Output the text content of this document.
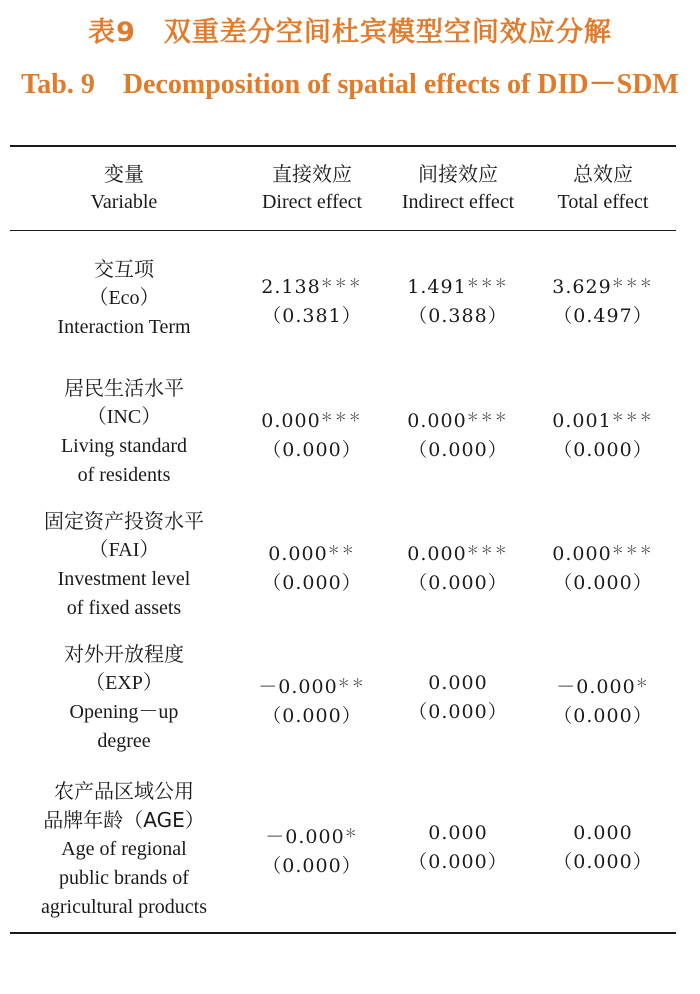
表9　双重差分空间杜宾模型空间效应分解
Tab. 9　Decomposition of spatial effects of DID－SDM
变量
Variable
直接效应
Direct effect
间接效应
Indirect effect
总效应
Total effect
交互项
（Eco）
Interaction Term
2.138＊＊＊
（0.381）
1.491＊＊＊
（0.388）
3.629＊＊＊
（0.497）
居民生活水平
（INC）
Living standard
of residents
0.000＊＊＊
（0.000）
0.000＊＊＊
（0.000）
0.001＊＊＊
（0.000）
固定资产投资水平
（FAI）
Investment level
of fixed assets
0.000＊＊
（0.000）
0.000＊＊＊
（0.000）
0.000＊＊＊
（0.000）
对外开放程度
（EXP）
Opening－up
degree
－0.000＊＊
（0.000）
0.000
（0.000）
－0.000＊
（0.000）
农产品区域公用
品牌年龄（AGE）
Age of regional
public brands of
agricultural products
－0.000＊
（0.000）
0.000
（0.000）
0.000
（0.000）
